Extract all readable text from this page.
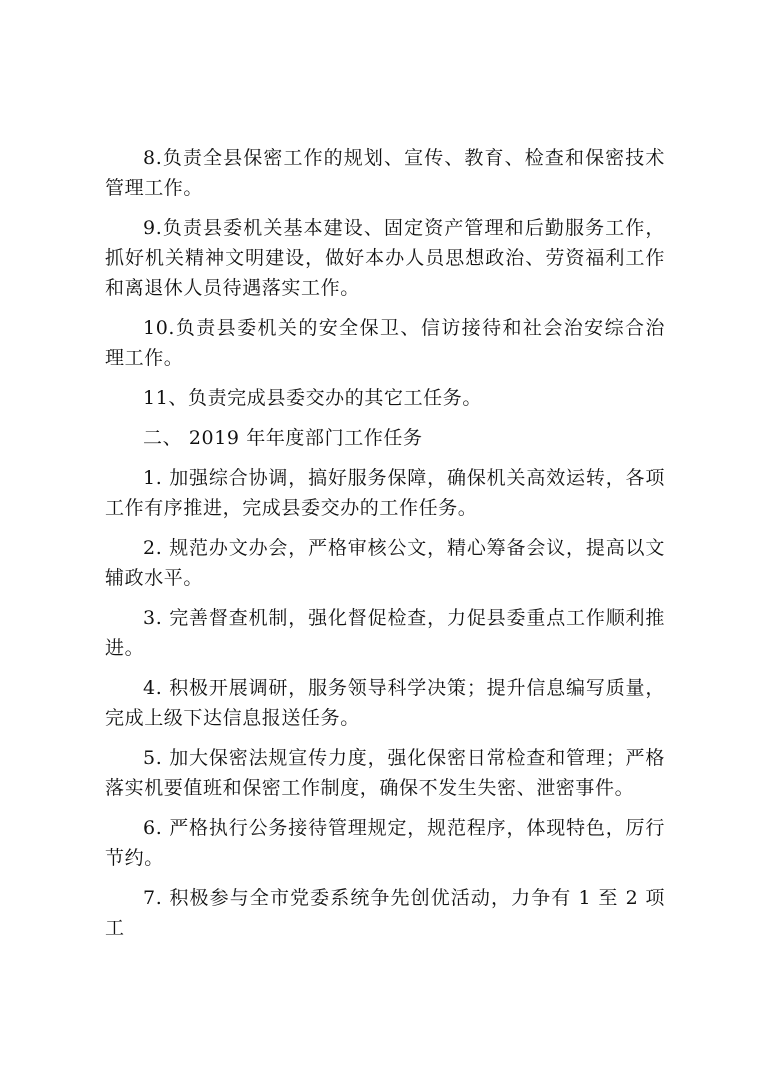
8.负责全县保密工作的规划、宣传、教育、检查和保密技术管理工作。

9.负责县委机关基本建设、固定资产管理和后勤服务工作，抓好机关精神文明建设，做好本办人员思想政治、劳资福利工作和离退休人员待遇落实工作。

10.负责县委机关的安全保卫、信访接待和社会治安综合治理工作。

11、负责完成县委交办的其它工任务。

二、 2019 年年度部门工作任务

1. 加强综合协调，搞好服务保障，确保机关高效运转，各项工作有序推进，完成县委交办的工作任务。

2. 规范办文办会，严格审核公文，精心筹备会议，提高以文辅政水平。

3. 完善督查机制，强化督促检查，力促县委重点工作顺利推进。

4. 积极开展调研，服务领导科学决策；提升信息编写质量，完成上级下达信息报送任务。

5. 加大保密法规宣传力度，强化保密日常检查和管理；严格落实机要值班和保密工作制度，确保不发生失密、泄密事件。

6. 严格执行公务接待管理规定，规范程序，体现特色，厉行节约。

7. 积极参与全市党委系统争先创优活动，力争有 1 至 2 项工
